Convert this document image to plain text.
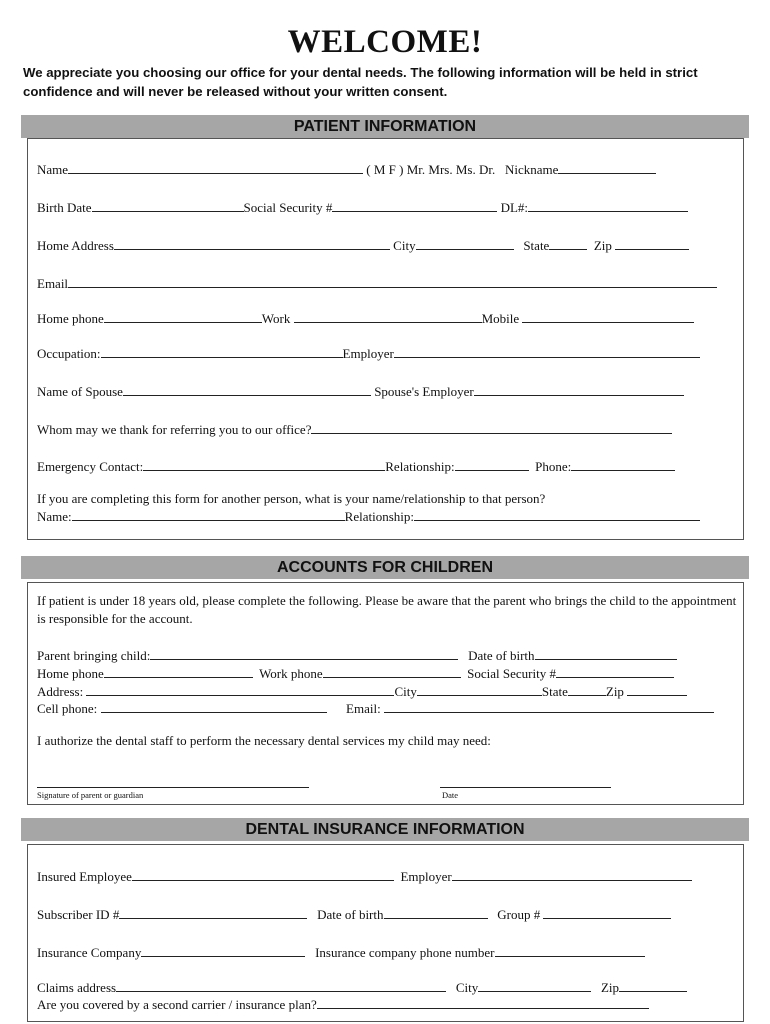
WELCOME!
We appreciate you choosing our office for your dental needs. The following information will be held in strict confidence and will never be released without your written consent.
PATIENT INFORMATION
Name	( M F ) Mr. Mrs. Ms. Dr. Nickname
Birth Date	Social Security #	DL#:
Home Address	City	State	Zip
Email
Home phone	Work	Mobile
Occupation:	Employer
Name of Spouse	Spouse's Employer
Whom may we thank for referring you to our office?
Emergency Contact:	Relationship:	Phone:
If you are completing this form for another person, what is your name/relationship to that person?
Name:	Relationship:
ACCOUNTS FOR CHILDREN
If patient is under 18 years old, please complete the following. Please be aware that the parent who brings the child to the appointment is responsible for the account.
Parent bringing child:	Date of birth
Home phone	Work phone	Social Security #
Address:	City	State	Zip
Cell phone:	Email:
I authorize the dental staff to perform the necessary dental services my child may need:
Signature of parent or guardian	Date
DENTAL INSURANCE INFORMATION
Insured Employee	Employer
Subscriber ID #	Date of birth	Group #
Insurance Company	Insurance company phone number
Claims address	City	Zip
Are you covered by a second carrier / insurance plan?
